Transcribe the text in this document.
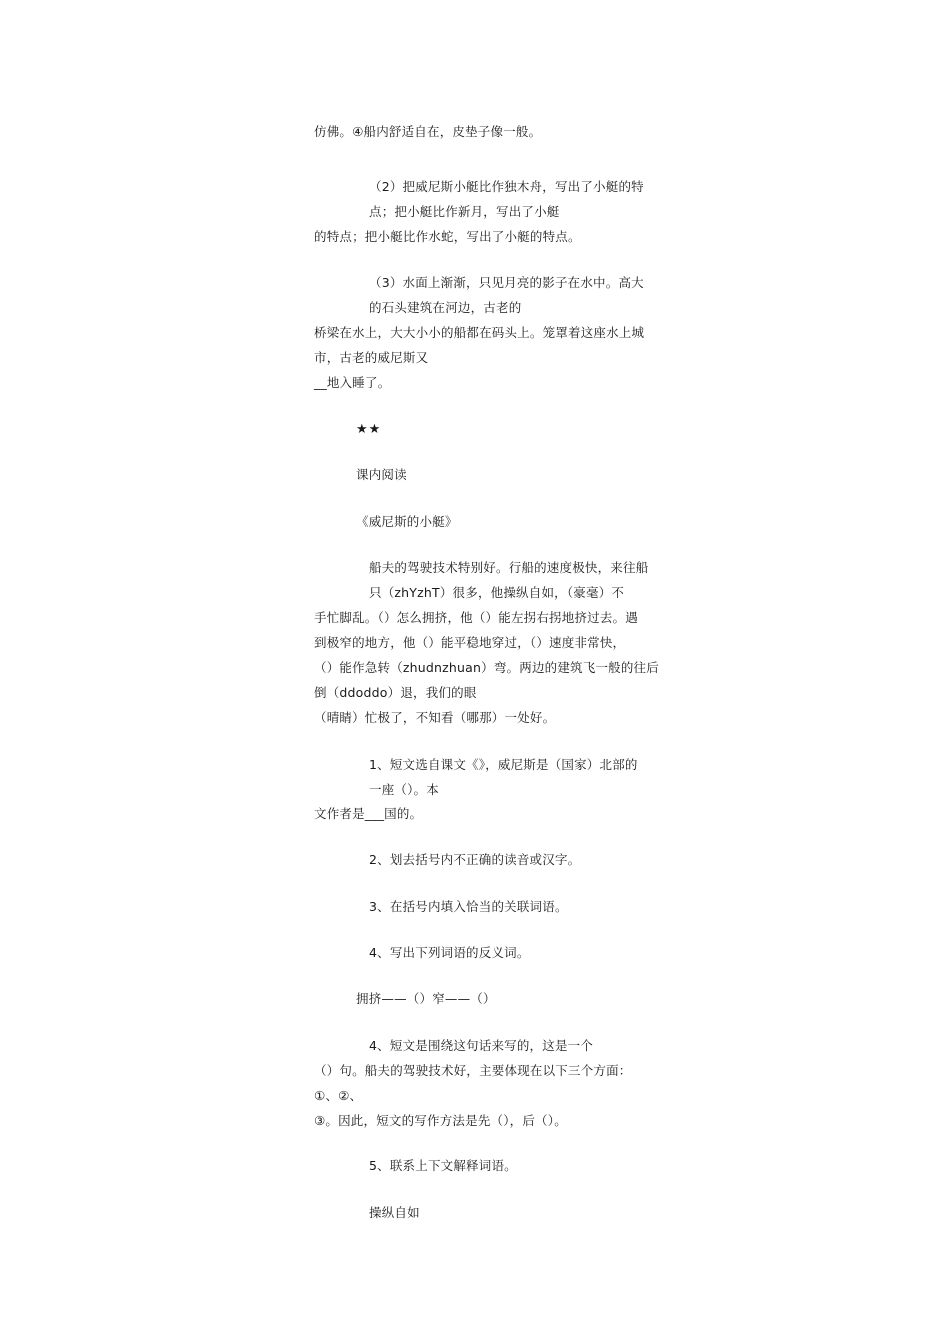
仿佛。④船内舒适自在，皮垫子像一般。
（2）把威尼斯小艇比作独木舟，写出了小艇的特
点；把小艇比作新月，写出了小艇
的特点；把小艇比作水蛇，写出了小艇的特点。
（3）水面上渐渐，只见月亮的影子在水中。高大
的石头建筑在河边，古老的
桥梁在水上，大大小小的船都在码头上。笼罩着这座水上城
市，古老的威尼斯又
__地入睡了。
★★
课内阅读
《威尼斯的小艇》
船夫的驾驶技术特别好。行船的速度极快，来往船
只（zhYzhT）很多，他操纵自如，（豪毫）不
手忙脚乱。（）怎么拥挤，他（）能左拐右拐地挤过去。遇
到极窄的地方，他（）能平稳地穿过，（）速度非常快，
（）能作急转（zhudnzhuan）弯。两边的建筑飞一般的往后
倒（ddoddo）退，我们的眼
（晴睛）忙极了，不知看（哪那）一处好。
1、短文选自课文《》，威尼斯是（国家）北部的
一座（）。本
文作者是___国的。
2、划去括号内不正确的读音或汉字。
3、在括号内填入恰当的关联词语。
4、写出下列词语的反义词。
拥挤——（）窄——（）
4、短文是围绕这句话来写的，这是一个
（）句。船夫的驾驶技术好，主要体现在以下三个方面：
①、②、
③。因此，短文的写作方法是先（），后（）。
5、联系上下文解释词语。
操纵自如
